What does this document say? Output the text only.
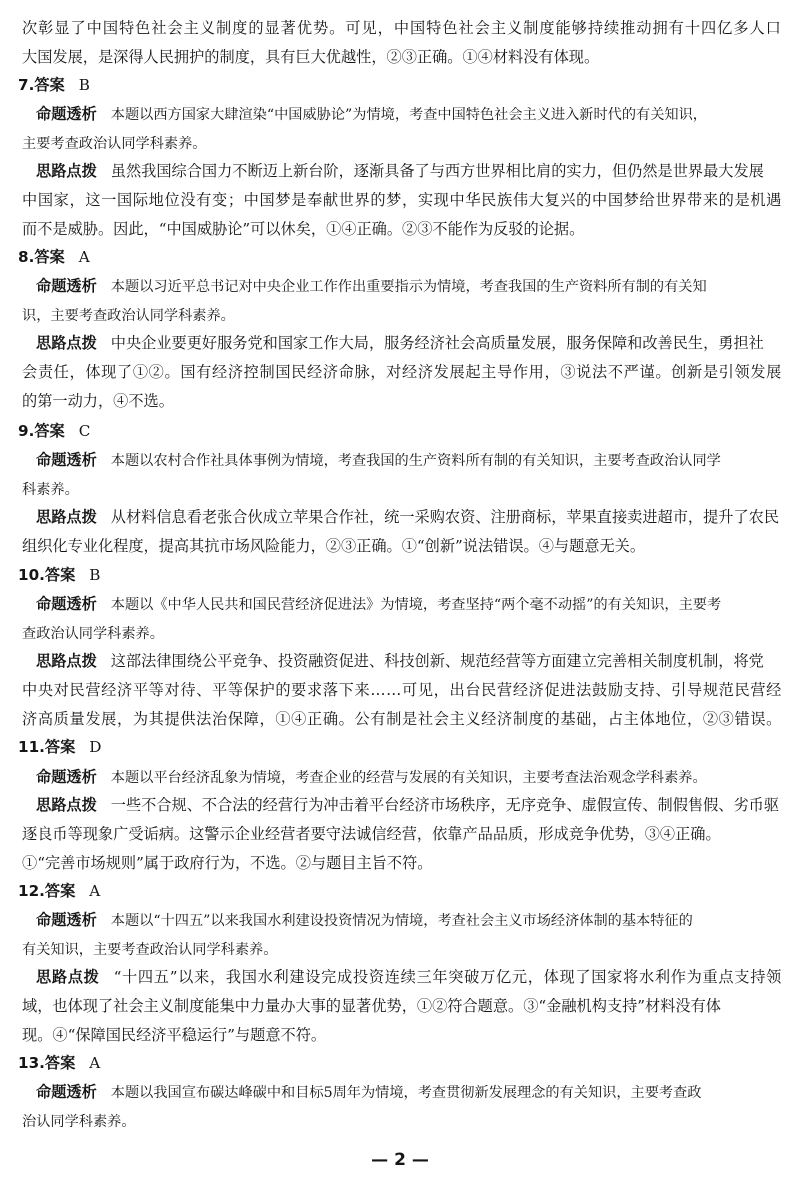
次彰显了中国特色社会主义制度的显著优势。可见，中国特色社会主义制度能够持续推动拥有十四亿多人口
大国发展，是深得人民拥护的制度，具有巨大优越性，②③正确。①④材料没有体现。
7.答案 B
命题透析 本题以西方国家大肆渲染“中国威胁论”为情境，考查中国特色社会主义进入新时代的有关知识，
主要考查政治认同学科素养。
思路点拨 虽然我国综合国力不断迈上新台阶，逐渐具备了与西方世界相比肩的实力，但仍然是世界最大发展
中国家，这一国际地位没有变；中国梦是奉献世界的梦，实现中华民族伟大复兴的中国梦给世界带来的是机遇
而不是威胁。因此，“中国威胁论”可以休矣，①④正确。②③不能作为反驳的论据。
8.答案 A
命题透析 本题以习近平总书记对中央企业工作作出重要指示为情境，考查我国的生产资料所有制的有关知
识，主要考查政治认同学科素养。
思路点拨 中央企业要更好服务党和国家工作大局，服务经济社会高质量发展，服务保障和改善民生，勇担社
会责任，体现了①②。国有经济控制国民经济命脉，对经济发展起主导作用，③说法不严谨。创新是引领发展
的第一动力，④不选。
9.答案 C
命题透析 本题以农村合作社具体事例为情境，考查我国的生产资料所有制的有关知识，主要考查政治认同学
科素养。
思路点拨 从材料信息看老张合伙成立苹果合作社，统一采购农资、注册商标，苹果直接卖进超市，提升了农民
组织化专业化程度，提高其抗市场风险能力，②③正确。①“创新”说法错误。④与题意无关。
10.答案 B
命题透析 本题以《中华人民共和国民营经济促进法》为情境，考查坚持“两个毫不动摇”的有关知识，主要考
查政治认同学科素养。
思路点拨 这部法律围绕公平竞争、投资融资促进、科技创新、规范经营等方面建立完善相关制度机制，将党
中央对民营经济平等对待、平等保护的要求落下来……可见，出台民营经济促进法鼓励支持、引导规范民营经
济高质量发展，为其提供法治保障，①④正确。公有制是社会主义经济制度的基础，占主体地位，②③错误。
11.答案 D
命题透析 本题以平台经济乱象为情境，考查企业的经营与发展的有关知识，主要考查法治观念学科素养。
思路点拨 一些不合规、不合法的经营行为冲击着平台经济市场秩序，无序竞争、虚假宣传、制假售假、劣币驱
逐良币等现象广受诟病。这警示企业经营者要守法诚信经营，依靠产品品质，形成竞争优势，③④正确。
①“完善市场规则”属于政府行为，不选。②与题目主旨不符。
12.答案 A
命题透析 本题以“十四五”以来我国水利建设投资情况为情境，考查社会主义市场经济体制的基本特征的
有关知识，主要考查政治认同学科素养。
思路点拨 “十四五”以来，我国水利建设完成投资连续三年突破万亿元，体现了国家将水利作为重点支持领
域，也体现了社会主义制度能集中力量办大事的显著优势，①②符合题意。③“金融机构支持”材料没有体
现。④“保障国民经济平稳运行”与题意不符。
13.答案 A
命题透析 本题以我国宣布碳达峰碳中和目标5周年为情境，考查贯彻新发展理念的有关知识，主要考查政
治认同学科素养。
— 2 —
